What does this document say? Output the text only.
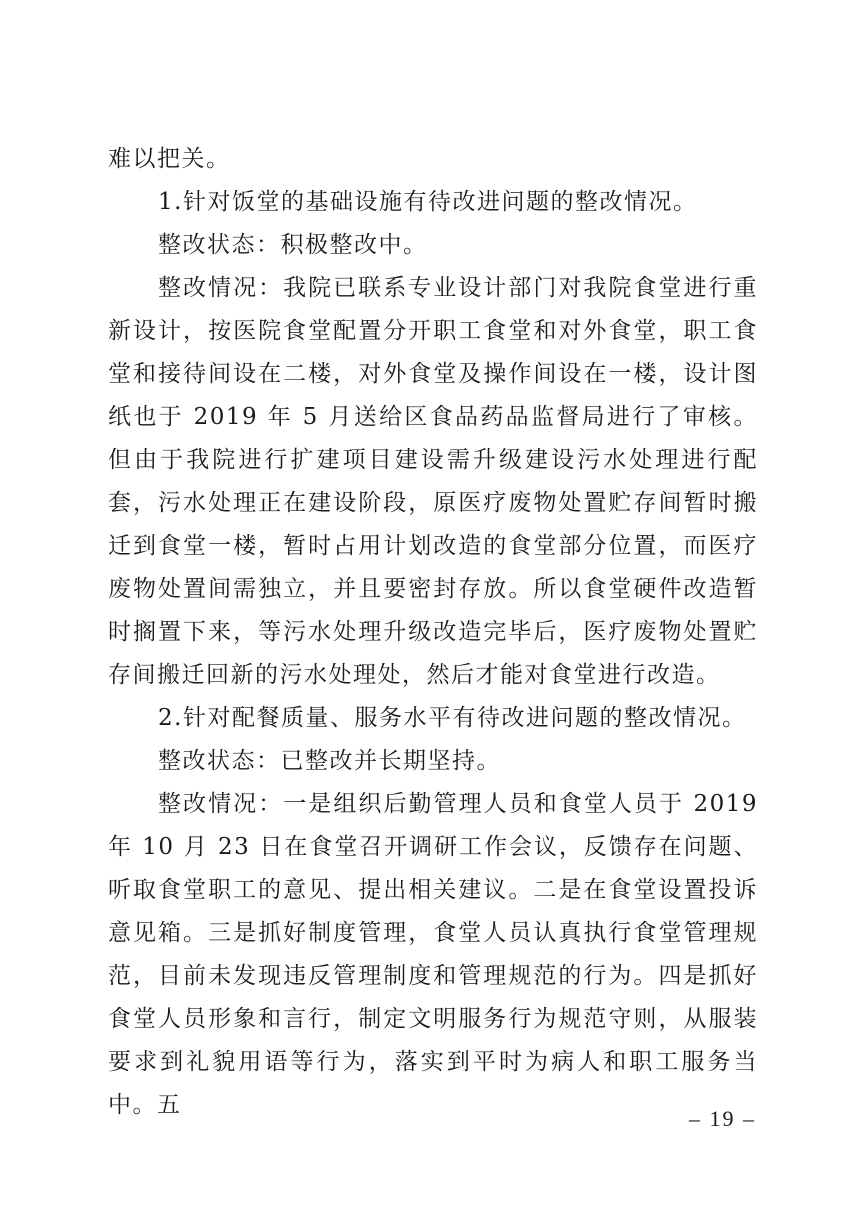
难以把关。

1.针对饭堂的基础设施有待改进问题的整改情况。

整改状态：积极整改中。

整改情况：我院已联系专业设计部门对我院食堂进行重新设计，按医院食堂配置分开职工食堂和对外食堂，职工食堂和接待间设在二楼，对外食堂及操作间设在一楼，设计图纸也于 2019 年 5 月送给区食品药品监督局进行了审核。但由于我院进行扩建项目建设需升级建设污水处理进行配套，污水处理正在建设阶段，原医疗废物处置贮存间暂时搬迁到食堂一楼，暂时占用计划改造的食堂部分位置，而医疗废物处置间需独立，并且要密封存放。所以食堂硬件改造暂时搁置下来，等污水处理升级改造完毕后，医疗废物处置贮存间搬迁回新的污水处理处，然后才能对食堂进行改造。

2.针对配餐质量、服务水平有待改进问题的整改情况。

整改状态：已整改并长期坚持。

整改情况：一是组织后勤管理人员和食堂人员于 2019 年 10 月 23 日在食堂召开调研工作会议，反馈存在问题、听取食堂职工的意见、提出相关建议。二是在食堂设置投诉意见箱。三是抓好制度管理，食堂人员认真执行食堂管理规范，目前未发现违反管理制度和管理规范的行为。四是抓好食堂人员形象和言行，制定文明服务行为规范守则，从服装要求到礼貌用语等行为，落实到平时为病人和职工服务当中。五

– 19 –
